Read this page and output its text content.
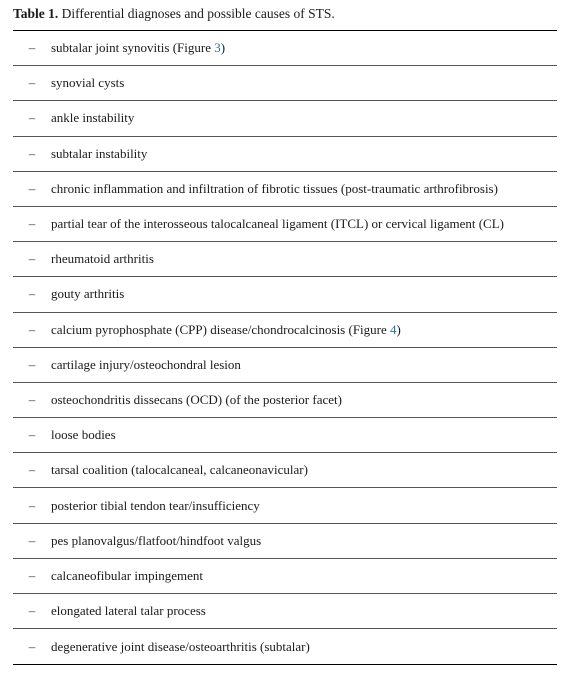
Table 1. Differential diagnoses and possible causes of STS.
–	subtalar joint synovitis (Figure 3)
–	synovial cysts
–	ankle instability
–	subtalar instability
–	chronic inflammation and infiltration of fibrotic tissues (post-traumatic arthrofibrosis)
–	partial tear of the interosseous talocalcaneal ligament (ITCL) or cervical ligament (CL)
–	rheumatoid arthritis
–	gouty arthritis
–	calcium pyrophosphate (CPP) disease/chondrocalcinosis (Figure 4)
–	cartilage injury/osteochondral lesion
–	osteochondritis dissecans (OCD) (of the posterior facet)
–	loose bodies
–	tarsal coalition (talocalcaneal, calcaneonavicular)
–	posterior tibial tendon tear/insufficiency
–	pes planovalgus/flatfoot/hindfoot valgus
–	calcaneofibular impingement
–	elongated lateral talar process
–	degenerative joint disease/osteoarthritis (subtalar)
